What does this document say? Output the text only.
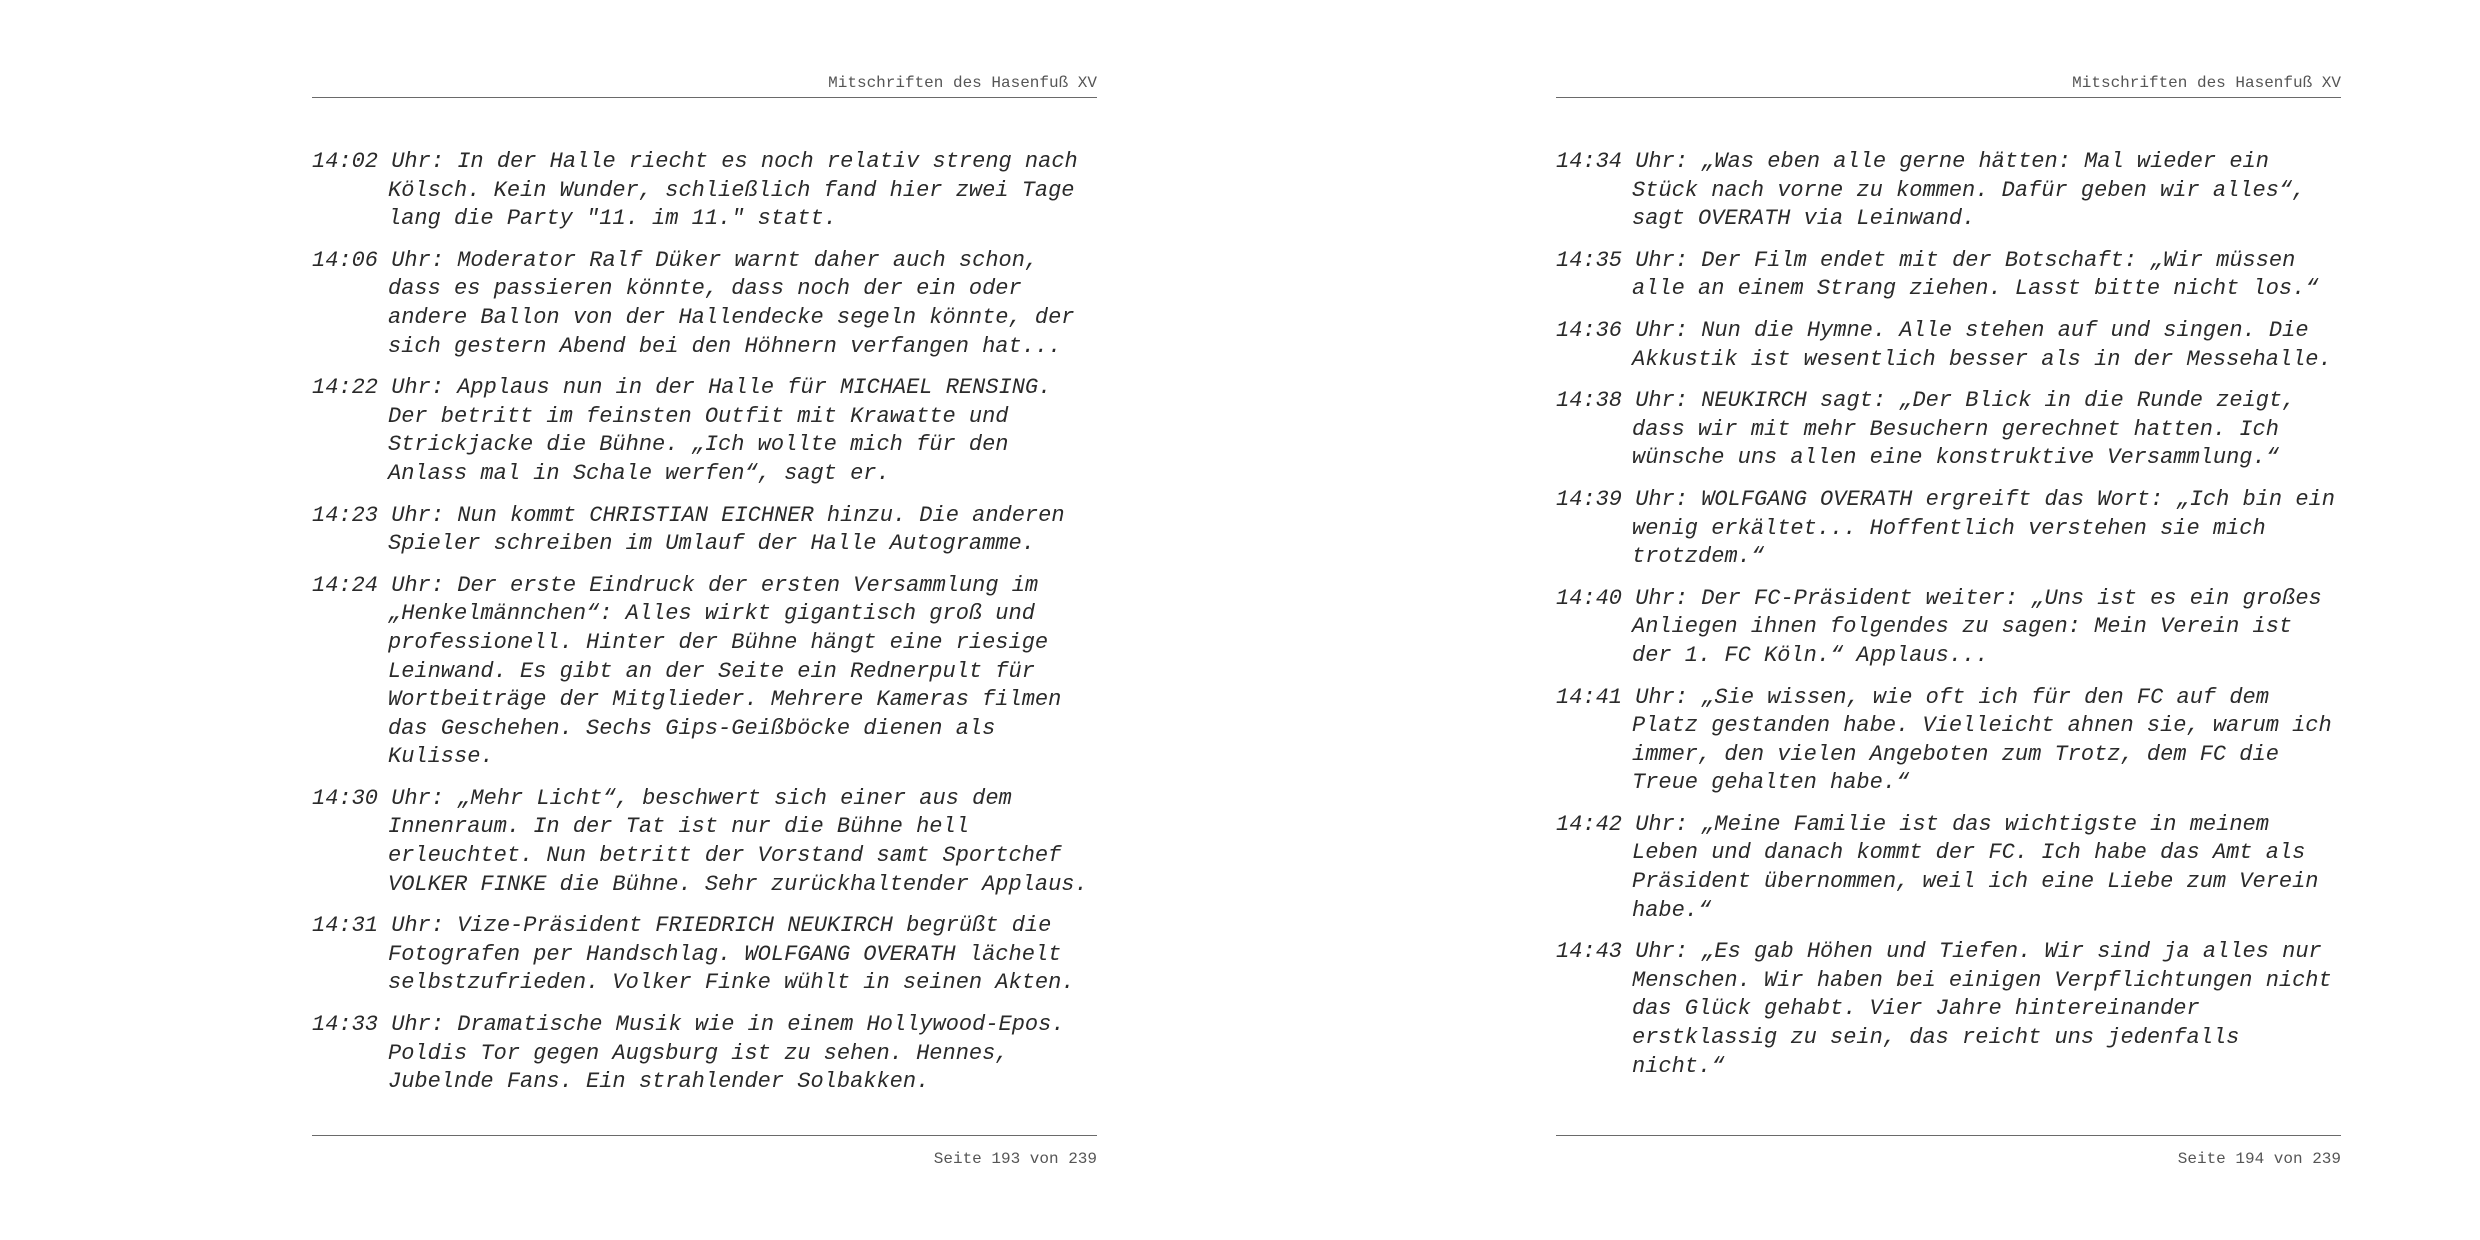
Mitschriften des Hasenfuß XV

14:02 Uhr: In der Halle riecht es noch relativ streng nach Kölsch. Kein Wunder, schließlich fand hier zwei Tage lang die Party "11. im 11." statt.

14:06 Uhr: Moderator Ralf Düker warnt daher auch schon, dass es passieren könnte, dass noch der ein oder andere Ballon von der Hallendecke segeln könnte, der sich gestern Abend bei den Höhnern verfangen hat...

14:22 Uhr: Applaus nun in der Halle für MICHAEL RENSING. Der betritt im feinsten Outfit mit Krawatte und Strickjacke die Bühne. „Ich wollte mich für den Anlass mal in Schale werfen“, sagt er.

14:23 Uhr: Nun kommt CHRISTIAN EICHNER hinzu. Die anderen Spieler schreiben im Umlauf der Halle Autogramme.

14:24 Uhr: Der erste Eindruck der ersten Versammlung im „Henkelmännchen“: Alles wirkt gigantisch groß und professionell. Hinter der Bühne hängt eine riesige Leinwand. Es gibt an der Seite ein Rednerpult für Wortbeiträge der Mitglieder. Mehrere Kameras filmen das Geschehen. Sechs Gips-Geißböcke dienen als Kulisse.

14:30 Uhr: „Mehr Licht“, beschwert sich einer aus dem Innenraum. In der Tat ist nur die Bühne hell erleuchtet. Nun betritt der Vorstand samt Sportchef VOLKER FINKE die Bühne. Sehr zurückhaltender Applaus.

14:31 Uhr: Vize-Präsident FRIEDRICH NEUKIRCH begrüßt die Fotografen per Handschlag. WOLFGANG OVERATH lächelt selbstzufrieden. Volker Finke wühlt in seinen Akten.

14:33 Uhr: Dramatische Musik wie in einem Hollywood-Epos. Poldis Tor gegen Augsburg ist zu sehen. Hennes, Jubelnde Fans. Ein strahlender Solbakken.

Seite 193 von 239
Mitschriften des Hasenfuß XV

14:34 Uhr: „Was eben alle gerne hätten: Mal wieder ein Stück nach vorne zu kommen. Dafür geben wir alles“, sagt OVERATH via Leinwand.

14:35 Uhr: Der Film endet mit der Botschaft: „Wir müssen alle an einem Strang ziehen. Lasst bitte nicht los.“

14:36 Uhr: Nun die Hymne. Alle stehen auf und singen. Die Akkustik ist wesentlich besser als in der Messehalle.

14:38 Uhr: NEUKIRCH sagt: „Der Blick in die Runde zeigt, dass wir mit mehr Besuchern gerechnet hatten. Ich wünsche uns allen eine konstruktive Versammlung.“

14:39 Uhr: WOLFGANG OVERATH ergreift das Wort: „Ich bin ein wenig erkältet... Hoffentlich verstehen sie mich trotzdem.“

14:40 Uhr: Der FC-Präsident weiter: „Uns ist es ein großes Anliegen ihnen folgendes zu sagen: Mein Verein ist der 1. FC Köln.“ Applaus...

14:41 Uhr: „Sie wissen, wie oft ich für den FC auf dem Platz gestanden habe. Vielleicht ahnen sie, warum ich immer, den vielen Angeboten zum Trotz, dem FC die Treue gehalten habe.“

14:42 Uhr: „Meine Familie ist das wichtigste in meinem Leben und danach kommt der FC. Ich habe das Amt als Präsident übernommen, weil ich eine Liebe zum Verein habe.“

14:43 Uhr: „Es gab Höhen und Tiefen. Wir sind ja alles nur Menschen. Wir haben bei einigen Verpflichtungen nicht das Glück gehabt. Vier Jahre hintereinander erstklassig zu sein, das reicht uns jedenfalls nicht.“

Seite 194 von 239
